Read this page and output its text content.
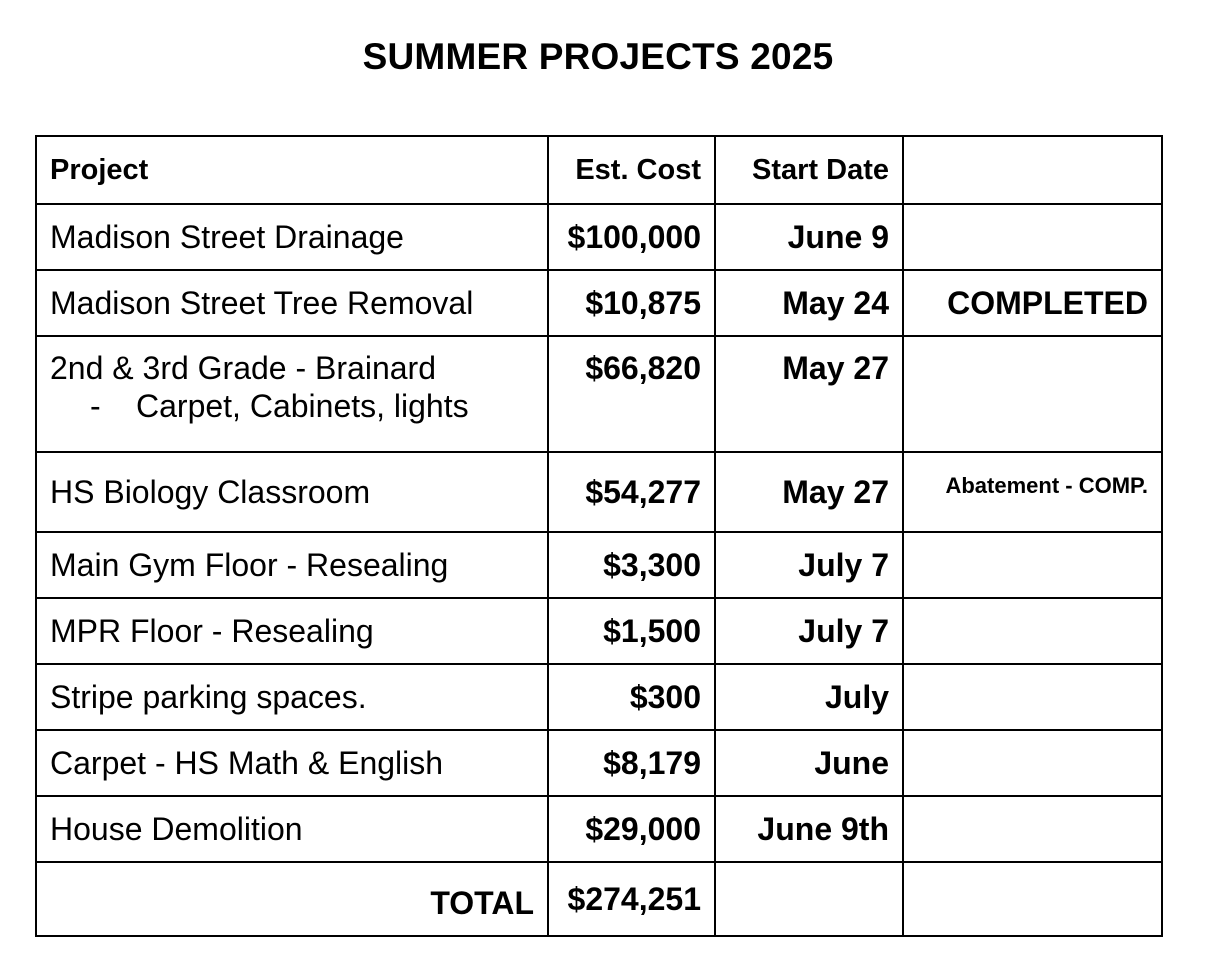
SUMMER PROJECTS 2025
Project	Est. Cost	Start Date	
Madison Street Drainage	$100,000	June 9	
Madison Street Tree Removal	$10,875	May 24	COMPLETED
2nd & 3rd Grade - Brainard
- Carpet, Cabinets, lights	$66,820	May 27	
HS Biology Classroom	$54,277	May 27	Abatement - COMP.
Main Gym Floor - Resealing	$3,300	July 7	
MPR Floor - Resealing	$1,500	July 7	
Stripe parking spaces.	$300	July	
Carpet - HS Math & English	$8,179	June	
House Demolition	$29,000	June 9th	
TOTAL	$274,251		
